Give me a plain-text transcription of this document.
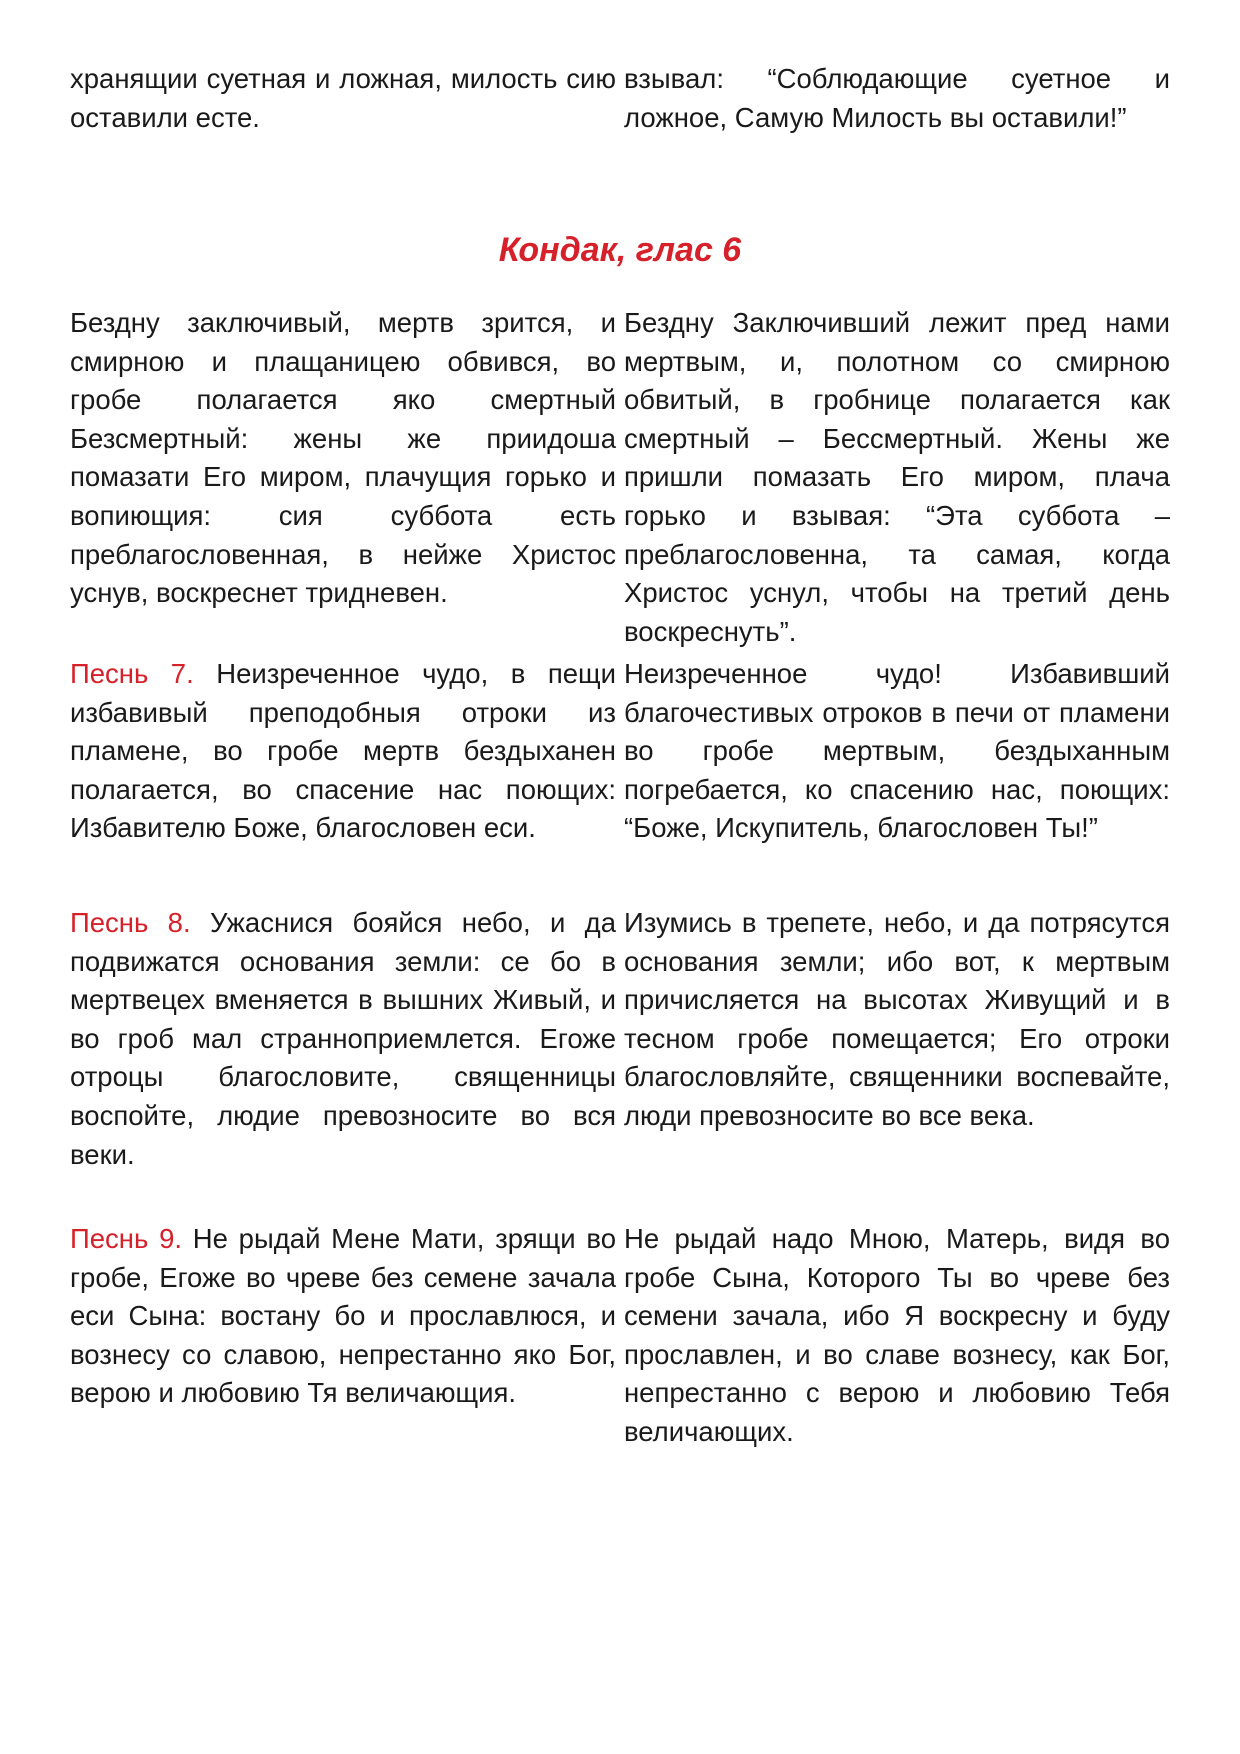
хранящии суетная и ложная, милость сию оставили есте.
взывал: “Соблюдающие суетное и ложное, Самую Милость вы оставили!”
Кондак, глас 6
Бездну заключивый, мертв зрится, и смирною и плащаницею обвився, во гробе полагается яко смертный Безсмертный: жены же приидоша помазати Его миром, плачущия горько и вопиющия: сия суббота есть преблагословенная, в нейже Христос уснув, воскреснет тридневен.
Бездну Заключивший лежит пред нами мертвым, и, полотном со смирною обвитый, в гробнице полагается как смертный – Бессмертный. Жены же пришли помазать Его миром, плача горько и взывая: “Эта суббота – преблагословенна, та самая, когда Христос уснул, чтобы на третий день воскреснуть”.
Песнь 7. Неизреченное чудо, в пещи избавивый преподобныя отроки из пламене, во гробе мертв бездыханен полагается, во спасение нас поющих: Избавителю Боже, благословен еси.
Неизреченное чудо! Избавивший благочестивых отроков в печи от пламени во гробе мертвым, бездыханным погребается, ко спасению нас, поющих: “Боже, Искупитель, благословен Ты!”
Песнь 8. Ужаснися бояйся небо, и да подвижатся основания земли: се бо в мертвецех вменяется в вышних Живый, и во гроб мал странноприемлется. Егоже отроцы благословите, священницы воспойте, людие превозносите во вся веки.
Изумись в трепете, небо, и да потрясутся основания земли; ибо вот, к мертвым причисляется на высотах Живущий и в тесном гробе помещается; Его отроки благословляйте, священники воспевайте, люди превозносите во все века.
Песнь 9. Не рыдай Мене Мати, зрящи во гробе, Егоже во чреве без семене зачала еси Сына: востану бо и прославлюся, и вознесу со славою, непрестанно яко Бог, верою и любовию Тя величающия.
Не рыдай надо Мною, Матерь, видя во гробе Сына, Которого Ты во чреве без семени зачала, ибо Я воскресну и буду прославлен, и во славе вознесу, как Бог, непрестанно с верою и любовию Тебя величающих.
